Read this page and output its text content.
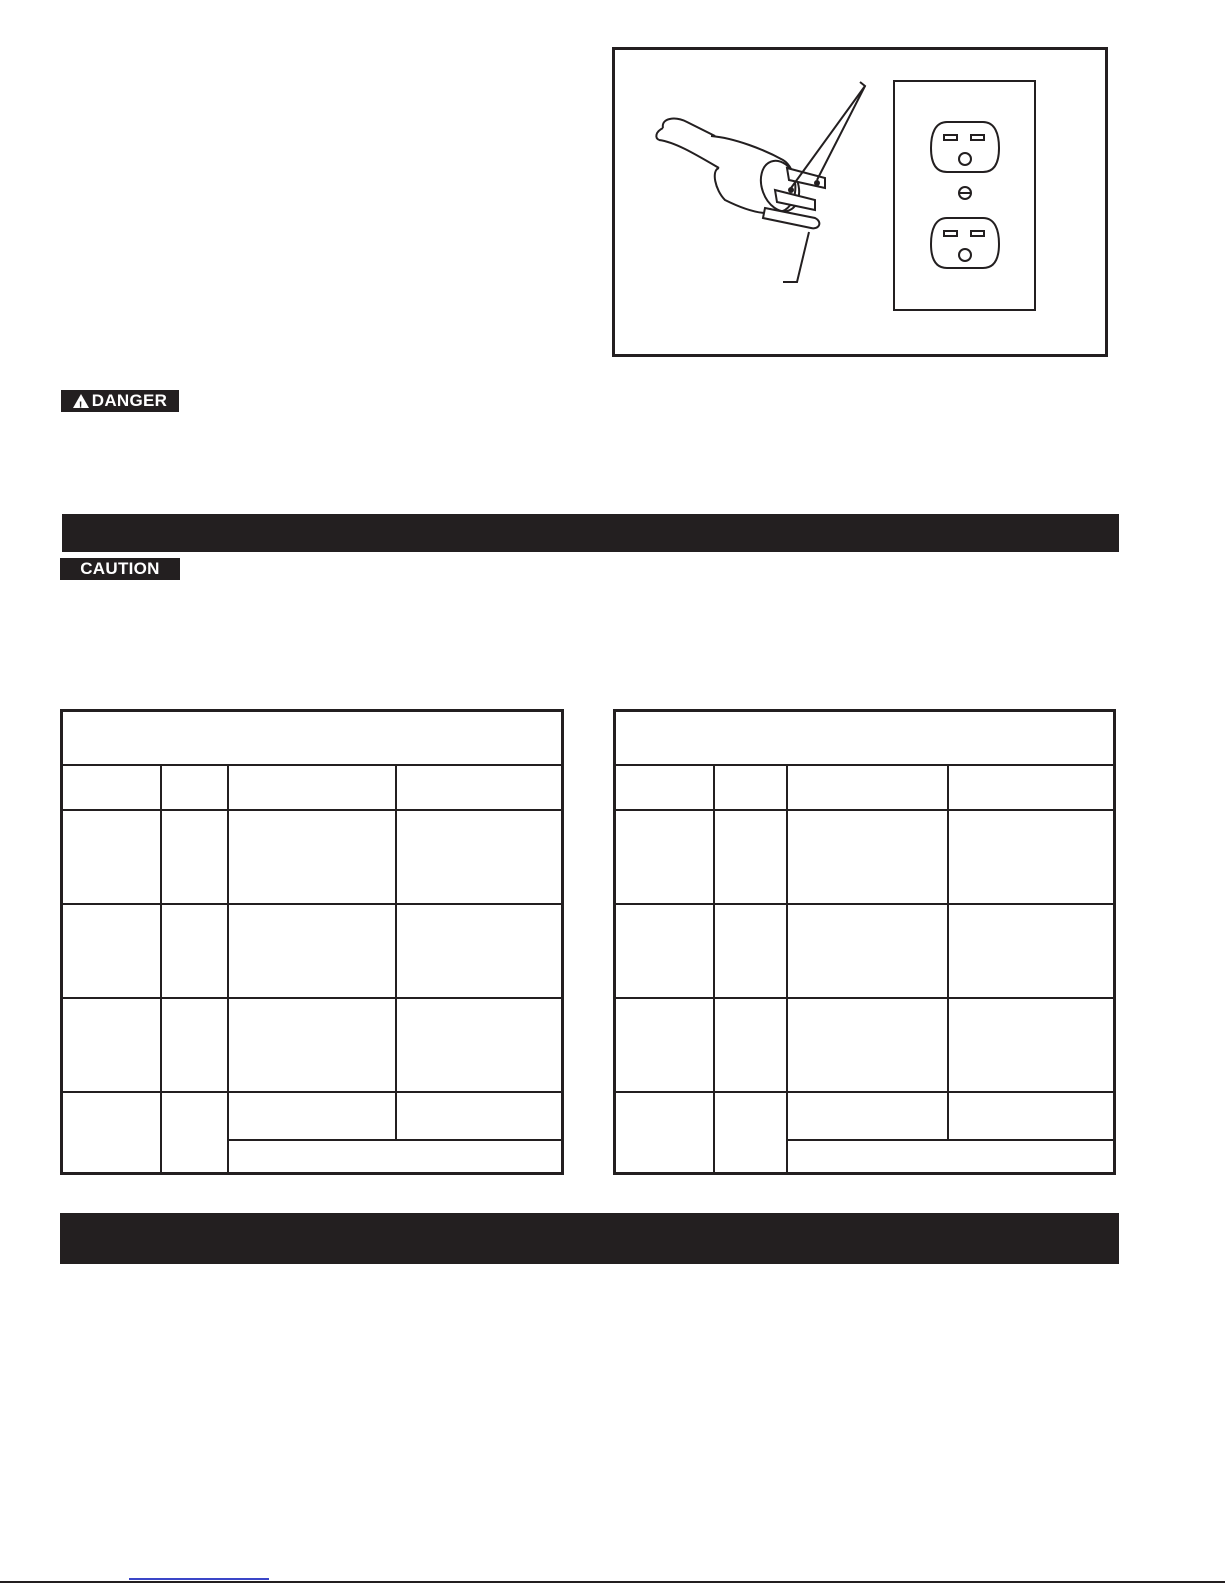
!
DANGER
CAUTION
